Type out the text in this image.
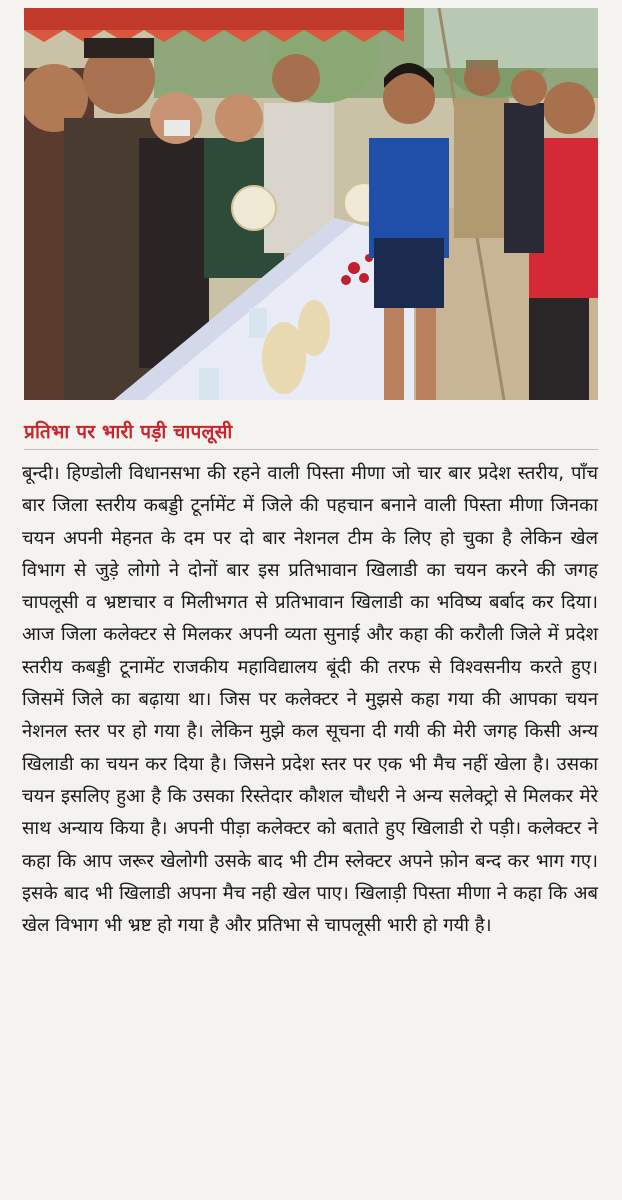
प्रतिभा पर भारी पड़ी चापलूसी

बून्दी। हिण्डोली विधानसभा की रहने वाली पिस्ता मीणा जो चार बार प्रदेश स्तरीय, पाँच बार जिला स्तरीय कबड्डी टूर्नामेंट में जिले की पहचान बनाने वाली पिस्ता मीणा जिनका चयन अपनी मेहनत के दम पर दो बार नेशनल टीम के लिए हो चुका है लेकिन खेल विभाग से जुड़े लोगो ने दोनों बार इस प्रतिभावान खिलाडी का चयन करने की जगह चापलूसी व भ्रष्टाचार व मिलीभगत से प्रतिभावान खिलाडी का भविष्य बर्बाद कर दिया। आज जिला कलेक्टर से मिलकर अपनी व्यता सुनाई और कहा की करौली जिले में प्रदेश स्तरीय कबड्डी टूनामेंट राजकीय महाविद्यालय बूंदी की तरफ से विश्वसनीय करते हुए। जिसमें जिले का बढ़ाया था। जिस पर कलेक्टर ने मुझसे कहा गया की आपका चयन नेशनल स्तर पर हो गया है। लेकिन मुझे कल सूचना दी गयी की मेरी जगह किसी अन्य खिलाडी का चयन कर दिया है। जिसने प्रदेश स्तर पर एक भी मैच नहीं खेला है। उसका चयन इसलिए हुआ है कि उसका रिस्तेदार कौशल चौधरी ने अन्य सलेक्ट्रो से मिलकर मेरे साथ अन्याय किया है। अपनी पीड़ा कलेक्टर को बताते हुए खिलाडी रो पड़ी। कलेक्टर ने कहा कि आप जरूर खेलोगी उसके बाद भी टीम स्लेक्टर अपने फ़ोन बन्द कर भाग गए। इसके बाद भी खिलाडी अपना मैच नही खेल पाए। खिलाड़ी पिस्ता मीणा ने कहा कि अब खेल विभाग भी भ्रष्ट हो गया है और प्रतिभा से चापलूसी भारी हो गयी है।
